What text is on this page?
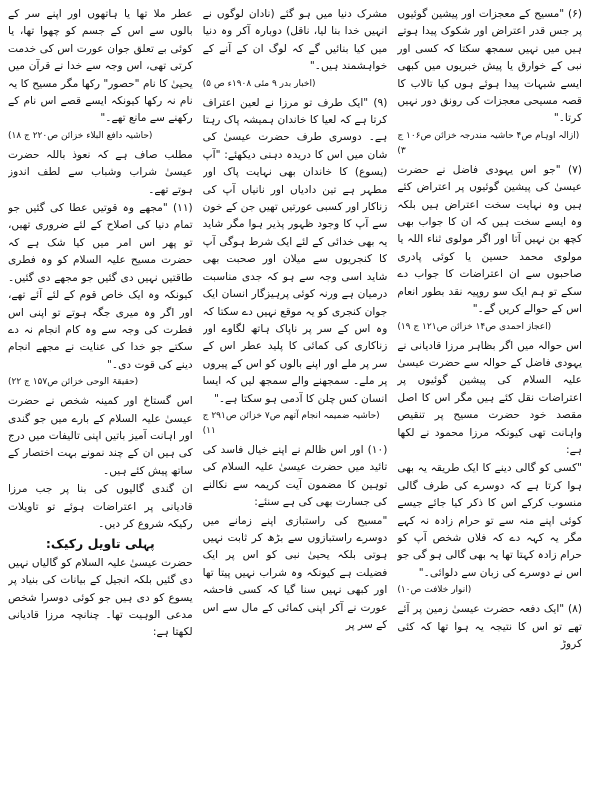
(۶) "مسیح کے معجزات اور پیشین گوئیوں پر جس قدر اعتراض اور شکوک پیدا ہوتے ہیں میں نہیں سمجھ سکتا کہ کسی اور نبی کے خوارق یا پیش خبریوں میں کبھی ایسے شبہات پیدا ہوئے ہوں کیا تالاب کا قصہ مسیحی معجزات کی رونق دور نہیں کرتا۔"

(ازالہ اوہام ص۴ حاشیہ مندرجہ خزائن ص۱۰۶ ج ۳)

(۷) "جو اس یہودی فاضل نے حضرت عیسیٰ کی پیشین گوئیوں پر اعتراض کئے ہیں وہ نہایت سخت اعتراض ہیں بلکہ وہ ایسے سخت ہیں کہ ان کا جواب بھی کچھ بن نہیں آتا اور اگر مولوی ثناء اللہ یا مولوی محمد حسین یا کوئی پادری صاحبوں سے ان اعتراضات کا جواب دے سکے تو ہم ایک سو روپیہ نقد بطور انعام اس کے حوالے کریں گے۔"

(اعجاز احمدی ص۱۴ خزائن ص۱۲۱ ج ۱۹)

اس حوالہ میں اگر بظاہر مرزا قادیانی نے یہودی فاضل کے حوالہ سے حضرت عیسیٰ علیہ السلام کی پیشین گوئیوں پر اعتراضات نقل کئے ہیں مگر اس کا اصل مقصد خود حضرت مسیح پر تنقیص واہانت تھی کیونکہ مرزا محمود نے لکھا ہے:

"کسی کو گالی دینے کا ایک طریقہ یہ بھی ہوا کرتا ہے کہ دوسرے کی طرف گالی منسوب کرکے اس کا ذکر کیا جائے جیسے کوئی اپنے منہ سے تو حرام زادہ نہ کہے مگر یہ کہہ دے کہ فلاں شخص آپ کو حرام زادہ کہتا تھا یہ بھی گالی ہو گی جو اس نے دوسرے کی زبان سے دلوائی۔"

(انوار خلافت ص۱۰)

(۸) "ایک دفعہ حضرت عیسیٰ زمین پر آئے تھے تو اس کا نتیجہ یہ ہوا تھا کہ کئی کروڑ

مشرک دنیا میں ہو گئے (نادان لوگوں نے انہیں خدا بنا لیا، ناقل) دوبارہ آکر وہ دنیا میں کیا بنائیں گے کہ لوگ ان کے آنے کے خواہشمند ہیں۔"

(اخبار بدر ۹ مئی ۱۹۰۸ء ص ۵)

(۹) "ایک طرف تو مرزا نے لعین اعتراف کرتا ہے کہ لعیا کا خاندان ہمیشہ پاک رہتا ہے۔ دوسری طرف حضرت عیسیٰ کی شان میں اس کا دریدہ دہنی دیکھئے: "آپ (یسوع) کا خاندان بھی نہایت پاک اور مطہر ہے تین دادیاں اور نانیاں آپ کی زناکار اور کسبی عورتیں تھیں جن کے خون سے آپ کا وجود ظہور پذیر ہوا مگر شاید یہ بھی خدائی کے لئے ایک شرط ہوگی آپ کا کنجریوں سے میلان اور صحبت بھی شاید اسی وجہ سے ہو کہ جدی مناسبت درمیان ہے ورنہ کوئی پرہیزگار انسان ایک جوان کنجری کو یہ موقع نہیں دے سکتا کہ وہ اس کے سر پر ناپاک ہاتھ لگاوے اور زناکاری کی کمائی کا پلید عطر اس کے سر پر ملے اور اپنے بالوں کو اس کے پیروں پر ملے۔ سمجھنے والے سمجھ لیں کہ ایسا انسان کس چلن کا آدمی ہو سکتا ہے۔"

(حاشیہ ضمیمہ انجام آتھم ص۷ خزائن ص۲۹۱ ج ۱۱)

(۱۰) اور اس ظالم نے اپنے خیال فاسد کی تائید میں حضرت عیسیٰ علیہ السلام کی توہین کا مضمون آیت کریمہ سے نکالنے کی جسارت بھی کی ہے سنئے:

"مسیح کی راستبازی اپنے زمانے میں دوسرے راستبازوں سے بڑھ کر ثابت نہیں ہوتی بلکہ یحییٰ نبی کو اس پر ایک فضیلت ہے کیونکہ وہ شراب نہیں پیتا تھا اور کبھی نہیں سنا گیا کہ کسی فاحشہ عورت نے آکر اپنی کمائی کے مال سے اس کے سر پر

عطر ملا تھا یا ہاتھوں اور اپنے سر کے بالوں سے اس کے جسم کو چھوا تھا، یا کوئی بے تعلق جوان عورت اس کی خدمت کرتی تھی، اس وجہ سے خدا نے قرآن میں یحییٰ کا نام "حصور" رکھا مگر مسیح کا یہ نام نہ رکھا کیونکہ ایسے قصے اس نام کے رکھنے سے مانع تھے۔"

(حاشیہ دافع البلاء خزائن ص۲۲۰ ج ۱۸)

مطلب صاف ہے کہ نعوذ باللہ حضرت عیسیٰ شراب وشباب سے لطف اندوز ہوتے تھے۔

(۱۱) "مجھے وہ قوتیں عطا کی گئیں جو تمام دنیا کی اصلاح کے لئے ضروری تھیں، تو پھر اس امر میں کیا شک ہے کہ حضرت مسیح علیہ السلام کو وہ فطری طاقتیں نہیں دی گئیں جو مجھے دی گئیں۔ کیونکہ وہ ایک خاص قوم کے لئے آئے تھے، اور اگر وہ میری جگہ ہوتے تو اپنی اس فطرت کی وجہ سے وہ کام انجام نہ دے سکتے جو خدا کی عنایت نے مجھے انجام دینے کی قوت دی۔"

(حقیقۃ الوحی خزائن ص۱۵۷ ج ۲۲)

اس گستاخ اور کمینہ شخص نے حضرت عیسیٰ علیہ السلام کے بارے میں جو گندی اور اہانت آمیز باتیں اپنی تالیفات میں درج کی ہیں ان کے چند نمونے بہت اختصار کے ساتھ پیش کئے ہیں۔

ان گندی گالیوں کی بنا پر جب مرزا قادیانی پر اعتراضات ہوئے تو تاویلات رکیکہ شروع کر دیں۔

پہلی تاویل رکیک:

حضرت عیسیٰ علیہ السلام کو گالیاں نہیں دی گئیں بلکہ انجیل کے بیانات کی بنیاد پر یسوع کو دی ہیں جو کوئی دوسرا شخص مدعی الوہیت تھا۔ چنانچہ مرزا قادیانی لکھتا ہے:
